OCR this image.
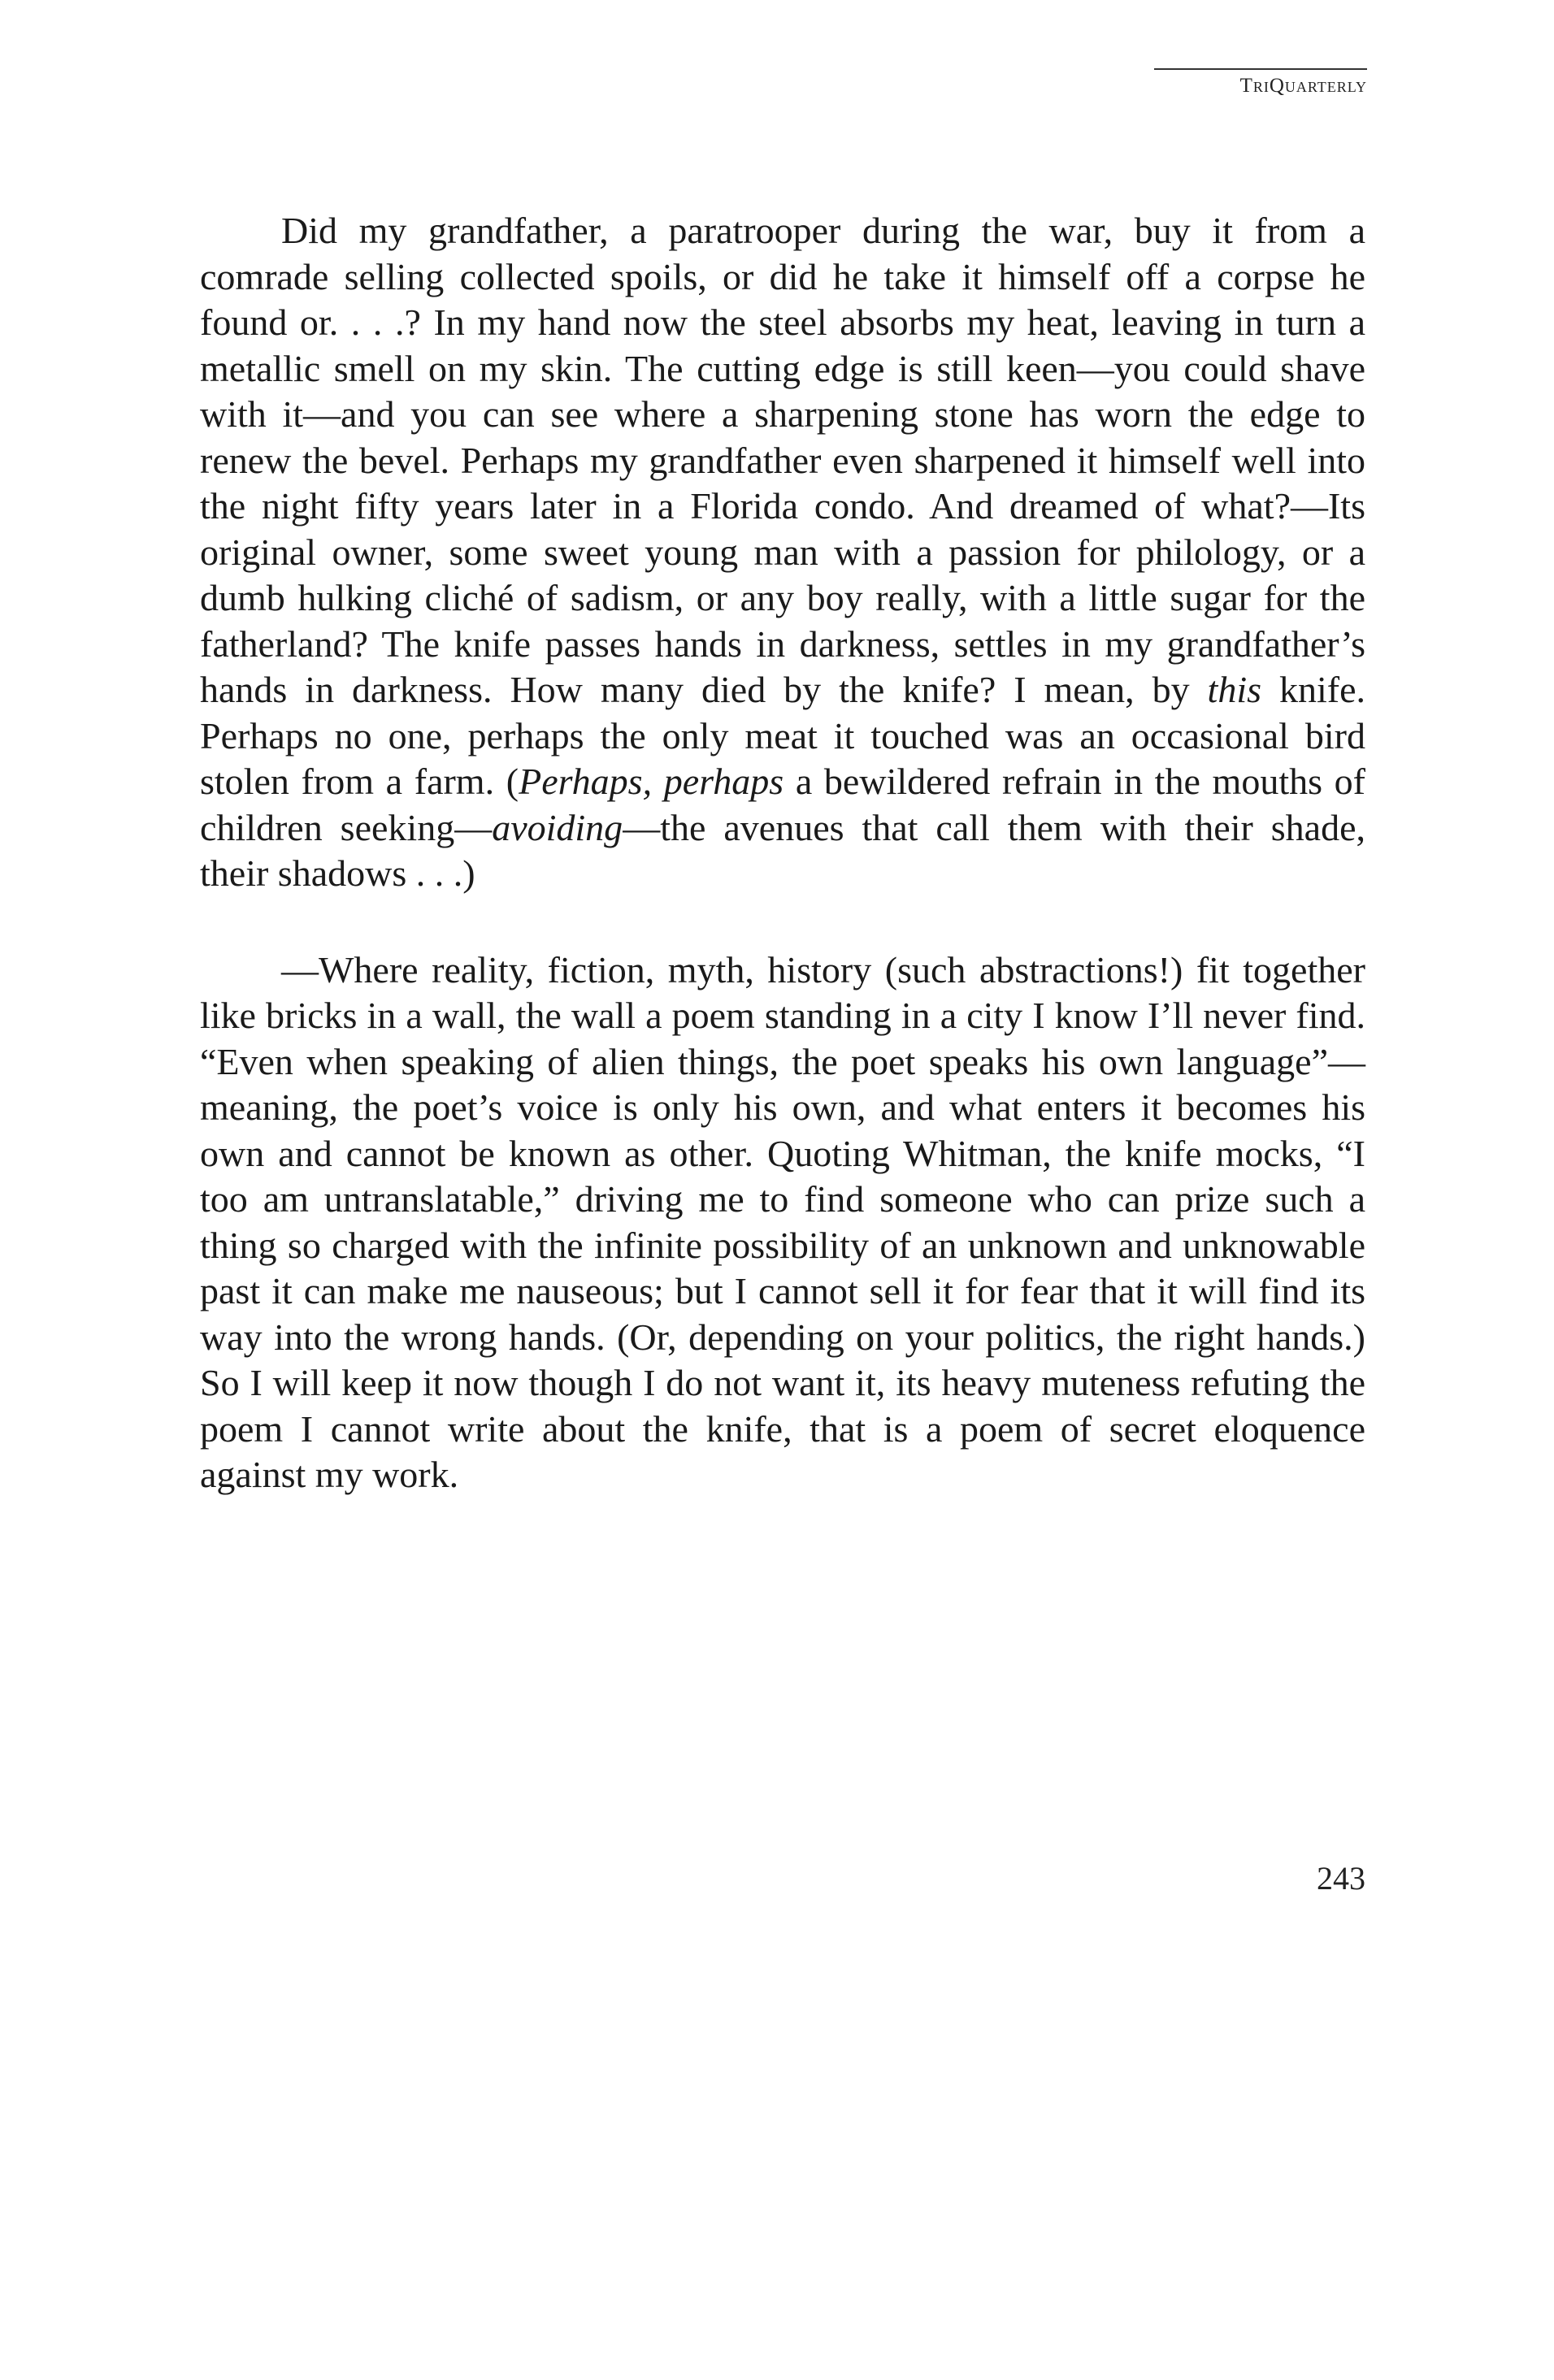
TriQuarterly

Did my grandfather, a paratrooper during the war, buy it from a comrade selling collected spoils, or did he take it himself off a corpse he found or. . . .? In my hand now the steel absorbs my heat, leaving in turn a metallic smell on my skin. The cutting edge is still keen—you could shave with it—and you can see where a sharpening stone has worn the edge to renew the bevel. Perhaps my grandfather even sharpened it himself well into the night fifty years later in a Florida condo. And dreamed of what?—Its original owner, some sweet young man with a passion for philology, or a dumb hulking cliché of sadism, or any boy really, with a little sugar for the fatherland? The knife passes hands in darkness, settles in my grandfather’s hands in darkness. How many died by the knife? I mean, by this knife. Perhaps no one, perhaps the only meat it touched was an occasional bird stolen from a farm. (Perhaps, perhaps a bewildered refrain in the mouths of children seeking—avoiding—the avenues that call them with their shade, their shadows . . .)

—Where reality, fiction, myth, history (such abstractions!) fit together like bricks in a wall, the wall a poem standing in a city I know I’ll never find. “Even when speaking of alien things, the poet speaks his own language”—meaning, the poet’s voice is only his own, and what enters it becomes his own and cannot be known as other. Quoting Whitman, the knife mocks, “I too am untranslatable,” driving me to find someone who can prize such a thing so charged with the infinite possibility of an unknown and unknowable past it can make me nauseous; but I cannot sell it for fear that it will find its way into the wrong hands. (Or, depending on your politics, the right hands.) So I will keep it now though I do not want it, its heavy muteness refuting the poem I cannot write about the knife, that is a poem of secret eloquence against my work.

243
